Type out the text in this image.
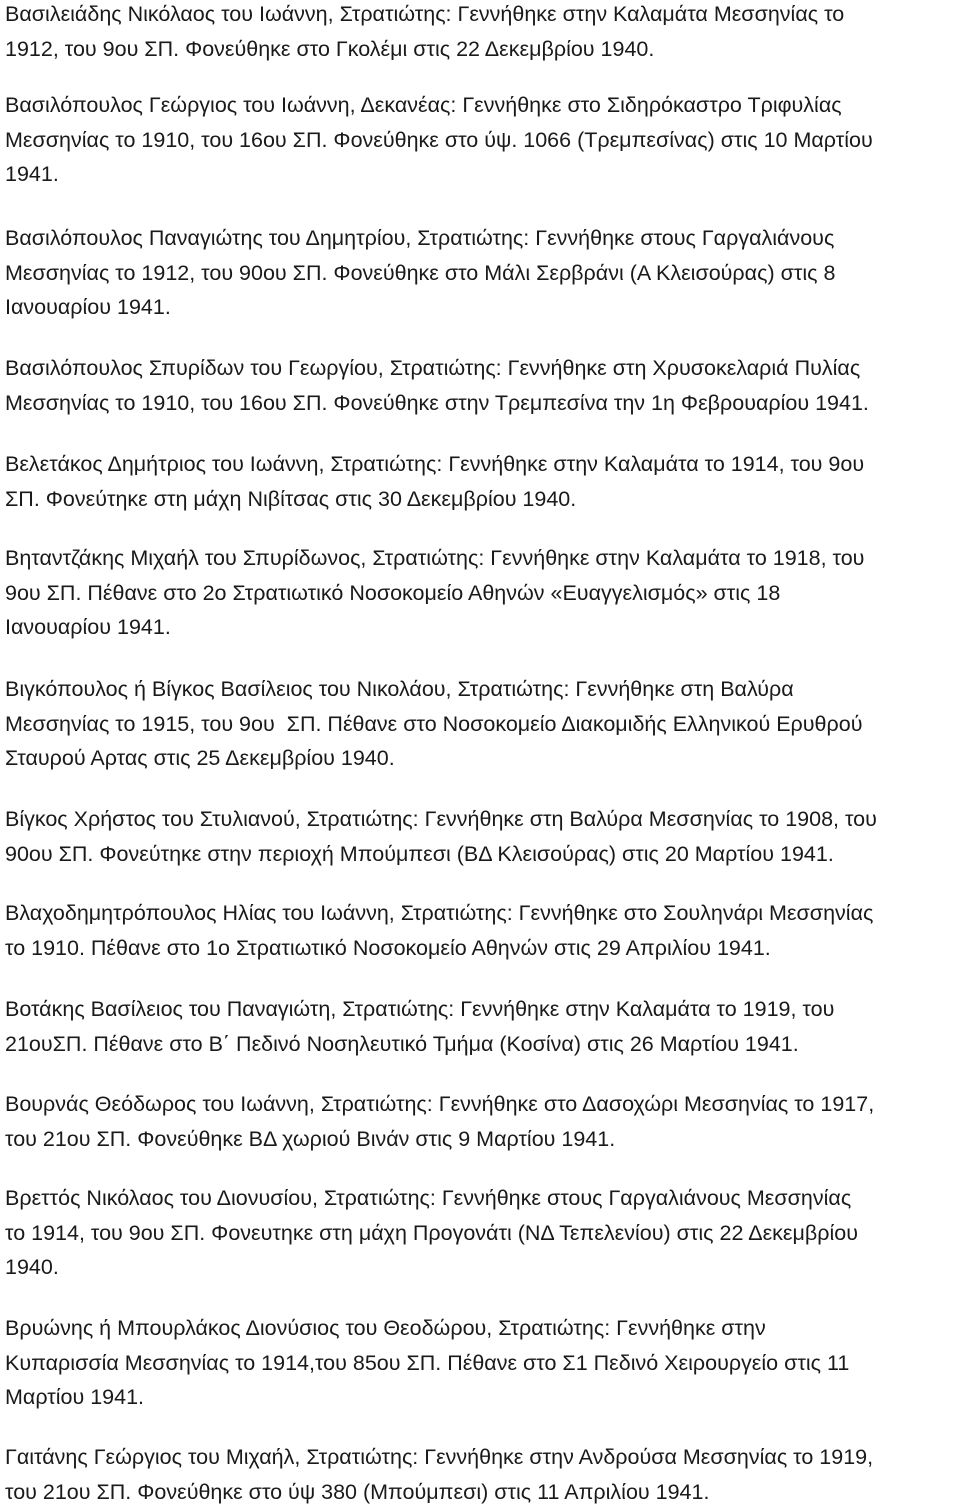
Βασιλειάδης Νικόλαος του Ιωάννη, Στρατιώτης: Γεννήθηκε στην Καλαμάτα Μεσσηνίας το
1912, του 9ου ΣΠ. Φονεύθηκε στο Γκολέμι στις 22 Δεκεμβρίου 1940.

Βασιλόπουλος Γεώργιος του Ιωάννη, Δεκανέας: Γεννήθηκε στο Σιδηρόκαστρο Τριφυλίας
Μεσσηνίας το 1910, του 16ου ΣΠ. Φονεύθηκε στο ύψ. 1066 (Τρεμπεσίνας) στις 10 Μαρτίου
1941.

Βασιλόπουλος Παναγιώτης του Δημητρίου, Στρατιώτης: Γεννήθηκε στους Γαργαλιάνους
Μεσσηνίας το 1912, του 90ου ΣΠ. Φονεύθηκε στο Μάλι Σερβράνι (Α Κλεισούρας) στις 8
Ιανουαρίου 1941.

Βασιλόπουλος Σπυρίδων του Γεωργίου, Στρατιώτης: Γεννήθηκε στη Χρυσοκελαριά Πυλίας
Μεσσηνίας το 1910, του 16ου ΣΠ. Φονεύθηκε στην Τρεμπεσίνα την 1η Φεβρουαρίου 1941.

Βελετάκος Δημήτριος του Ιωάννη, Στρατιώτης: Γεννήθηκε στην Καλαμάτα το 1914, του 9ου
ΣΠ. Φονεύτηκε στη μάχη Νιβίτσας στις 30 Δεκεμβρίου 1940.

Βηταντζάκης Μιχαήλ του Σπυρίδωνος, Στρατιώτης: Γεννήθηκε στην Καλαμάτα το 1918, του
9ου ΣΠ. Πέθανε στο 2ο Στρατιωτικό Νοσοκομείο Αθηνών «Ευαγγελισμός» στις 18
Ιανουαρίου 1941.

Βιγκόπουλος ή Βίγκος Βασίλειος του Νικολάου, Στρατιώτης: Γεννήθηκε στη Βαλύρα
Μεσσηνίας το 1915, του 9ου  ΣΠ. Πέθανε στο Νοσοκομείο Διακομιδής Ελληνικού Ερυθρού
Σταυρού Αρτας στις 25 Δεκεμβρίου 1940.

Βίγκος Χρήστος του Στυλιανού, Στρατιώτης: Γεννήθηκε στη Βαλύρα Μεσσηνίας το 1908, του
90ου ΣΠ. Φονεύτηκε στην περιοχή Μπούμπεσι (ΒΔ Κλεισούρας) στις 20 Μαρτίου 1941.

Βλαχοδημητρόπουλος Ηλίας του Ιωάννη, Στρατιώτης: Γεννήθηκε στο Σουληνάρι Μεσσηνίας
το 1910. Πέθανε στο 1ο Στρατιωτικό Νοσοκομείο Αθηνών στις 29 Απριλίου 1941.

Βοτάκης Βασίλειος του Παναγιώτη, Στρατιώτης: Γεννήθηκε στην Καλαμάτα το 1919, του
21ουΣΠ. Πέθανε στο Β΄ Πεδινό Νοσηλευτικό Τμήμα (Κοσίνα) στις 26 Μαρτίου 1941.

Βουρνάς Θεόδωρος του Ιωάννη, Στρατιώτης: Γεννήθηκε στο Δασοχώρι Μεσσηνίας το 1917,
του 21ου ΣΠ. Φονεύθηκε ΒΔ χωριού Βινάν στις 9 Μαρτίου 1941.

Βρεττός Νικόλαος του Διονυσίου, Στρατιώτης: Γεννήθηκε στους Γαργαλιάνους Μεσσηνίας
το 1914, του 9ου ΣΠ. Φονευτηκε στη μάχη Προγονάτι (ΝΔ Τεπελενίου) στις 22 Δεκεμβρίου
1940.

Βρυώνης ή Μπουρλάκος Διονύσιος του Θεοδώρου, Στρατιώτης: Γεννήθηκε στην
Κυπαρισσία Μεσσηνίας το 1914,του 85ου ΣΠ. Πέθανε στο Σ1 Πεδινό Χειρουργείο στις 11
Μαρτίου 1941.

Γαιτάνης Γεώργιος του Μιχαήλ, Στρατιώτης: Γεννήθηκε στην Ανδρούσα Μεσσηνίας το 1919,
του 21ου ΣΠ. Φονεύθηκε στο ύψ 380 (Μπούμπεσι) στις 11 Απριλίου 1941.
